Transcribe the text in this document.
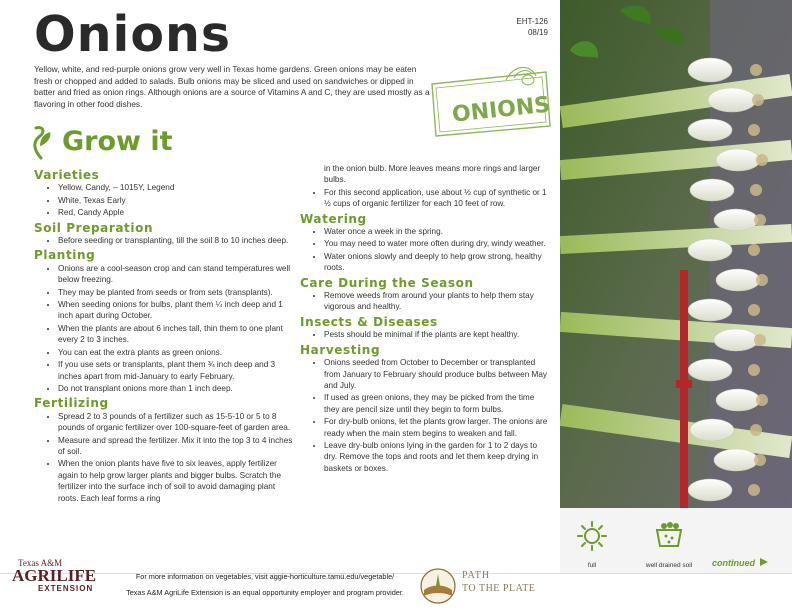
Onions	EHT-126
08/19
Yellow, white, and red-purple onions grow very well in Texas home gardens. Green onions may be eaten fresh or chopped and added to salads. Bulb onions may be sliced and used on sandwiches or dipped in batter and fried as onion rings. Although onions are a source of Vitamins A and C, they are used mostly as a flavoring in other food dishes.	ONIONS
Grow it
Varieties
• Yellow, Candy, – 1015Y, Legend
• White, Texas Early
• Red, Candy Apple
Soil Preparation
• Before seeding or transplanting, till the soil 8 to 10 inches deep.
Planting
• Onions are a cool-season crop and can stand temperatures well below freezing.
• They may be planted from seeds or from sets (transplants).
• When seeding onions for bulbs, plant them ¼ inch deep and 1 inch apart during October.
• When the plants are about 6 inches tall, thin them to one plant every 2 to 3 inches.
• You can eat the extra plants as green onions.
• If you use sets or transplants, plant them ¾ inch deep and 3 inches apart from mid-January to early February.
• Do not transplant onions more than 1 inch deep.
Fertilizing
• Spread 2 to 3 pounds of a fertilizer such as 15-5-10 or 5 to 8 pounds of organic fertilizer over 100-square-feet of garden area.
• Measure and spread the fertilizer. Mix it into the top 3 to 4 inches of soil.
• When the onion plants have five to six leaves, apply fertilizer again to help grow larger plants and bigger bulbs. Scratch the fertilizer into the surface inch of soil to avoid damaging plant roots. Each leaf forms a ring
in the onion bulb. More leaves means more rings and larger bulbs.
• For this second application, use about ½ cup of synthetic or 1 ½ cups of organic fertilizer for each 10 feet of row.
Watering
• Water once a week in the spring.
• You may need to water more often during dry, windy weather.
• Water onions slowly and deeply to help grow strong, healthy roots.
Care During the Season
• Remove weeds from around your plants to help them stay vigorous and healthy.
Insects & Diseases
• Pests should be minimal if the plants are kept healthy.
Harvesting
• Onions seeded from October to December or transplanted from January to February should produce bulbs between May and July.
• If used as green onions, they may be picked from the time they are pencil size until they begin to form bulbs.
• For dry-bulb onions, let the plants grow larger. The onions are ready when the main stem begins to weaken and fall.
• Leave dry-bulb onions lying in the garden for 1 to 2 days to dry. Remove the tops and roots and let them keep drying in baskets or boxes.
full	well drained soil	continued
Texas A&M
AGRILIFE
EXTENSION
For more information on vegetables, visit aggie-horticulture.tamu.edu/vegetable/
Texas A&M AgriLife Extension is an equal opportunity employer and program provider.
PATH
TO THE PLATE
